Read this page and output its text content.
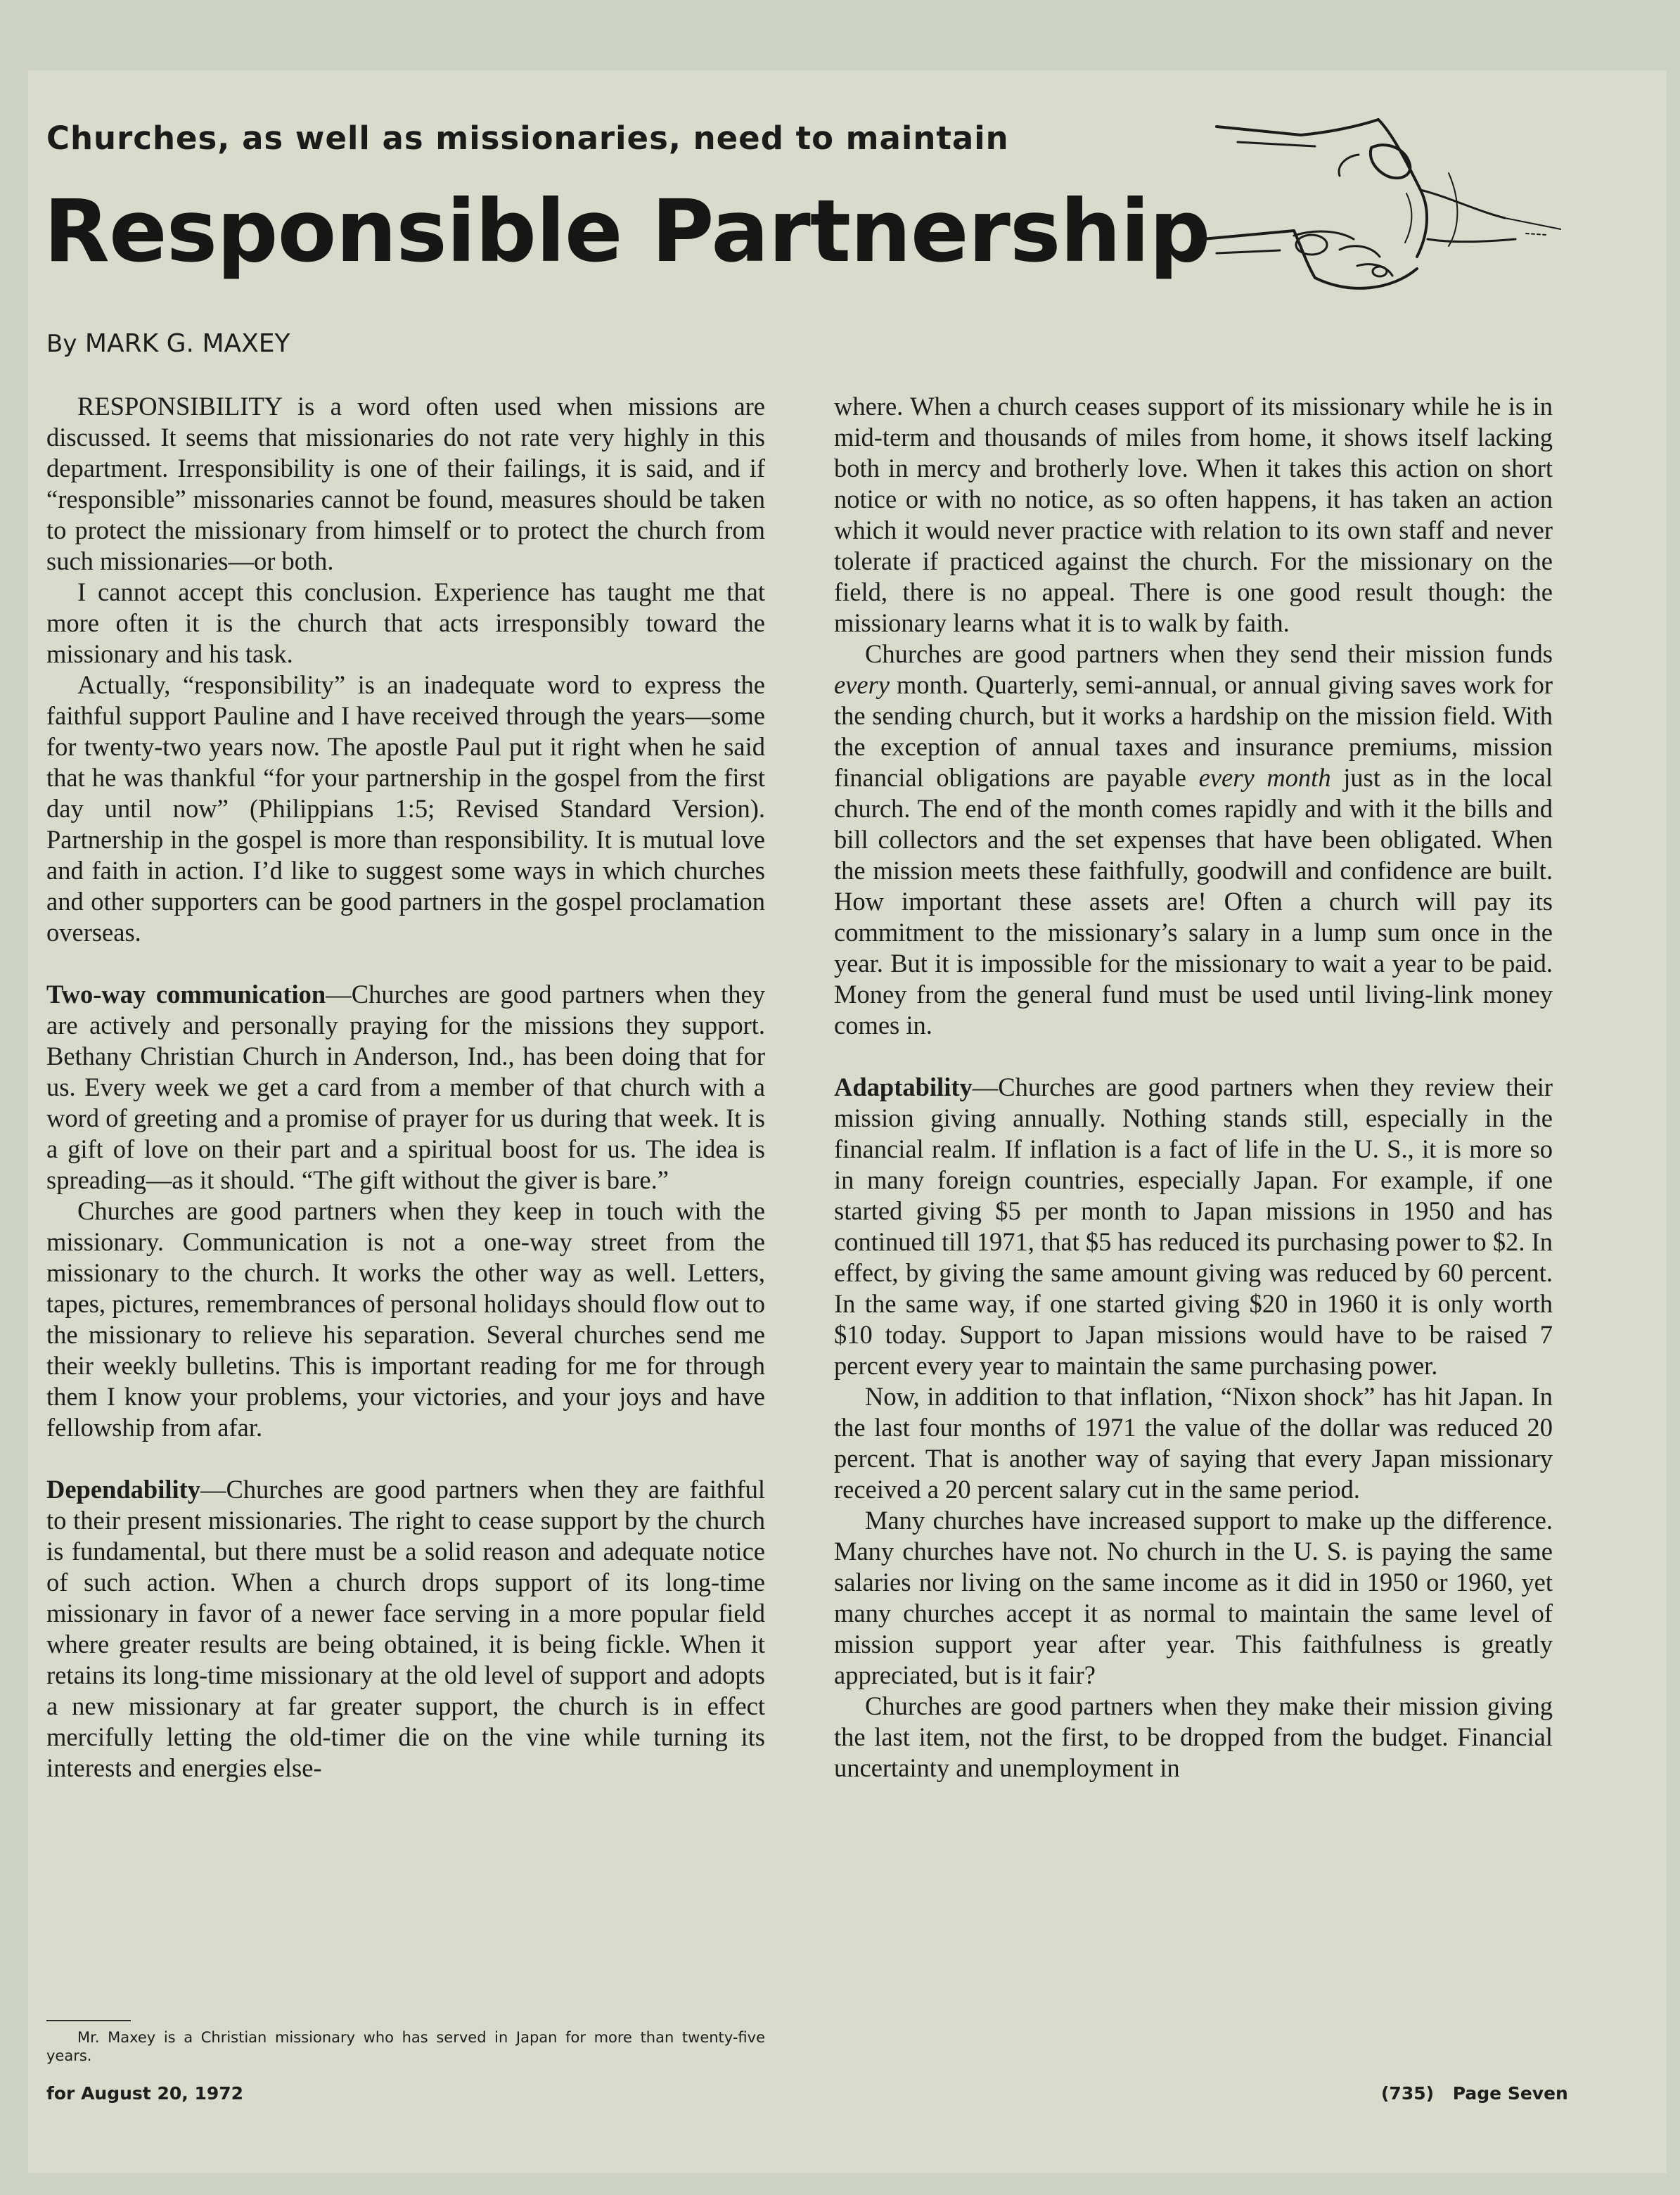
Churches, as well as missionaries, need to maintain
Responsible Partnership
By MARK G. MAXEY

RESPONSIBILITY is a word often used when missions are discussed. It seems that missionaries do not rate very highly in this department. Irresponsibility is one of their failings, it is said, and if “responsible” missonaries cannot be found, measures should be taken to protect the missionary from himself or to protect the church from such missionaries—or both.

I cannot accept this conclusion. Experience has taught me that more often it is the church that acts irresponsibly toward the missionary and his task.

Actually, “responsibility” is an inadequate word to express the faithful support Pauline and I have received through the years—some for twenty-two years now. The apostle Paul put it right when he said that he was thankful “for your partnership in the gospel from the first day until now” (Philippians 1:5; Revised Standard Version). Partnership in the gospel is more than responsibility. It is mutual love and faith in action. I’d like to suggest some ways in which churches and other supporters can be good partners in the gospel proclamation overseas.

Two-way communication—Churches are good partners when they are actively and personally praying for the missions they support. Bethany Christian Church in Anderson, Ind., has been doing that for us. Every week we get a card from a member of that church with a word of greeting and a promise of prayer for us during that week. It is a gift of love on their part and a spiritual boost for us. The idea is spreading—as it should. “The gift without the giver is bare.”

Churches are good partners when they keep in touch with the missionary. Communication is not a one-way street from the missionary to the church. It works the other way as well. Letters, tapes, pictures, remembrances of personal holidays should flow out to the missionary to relieve his separation. Several churches send me their weekly bulletins. This is important reading for me for through them I know your problems, your victories, and your joys and have fellowship from afar.

Dependability—Churches are good partners when they are faithful to their present missionaries. The right to cease support by the church is fundamental, but there must be a solid reason and adequate notice of such action. When a church drops support of its long-time missionary in favor of a newer face serving in a more popular field where greater results are being obtained, it is being fickle. When it retains its long-time missionary at the old level of support and adopts a new missionary at far greater support, the church is in effect mercifully letting the old-timer die on the vine while turning its interests and energies else-

where. When a church ceases support of its missionary while he is in mid-term and thousands of miles from home, it shows itself lacking both in mercy and brotherly love. When it takes this action on short notice or with no notice, as so often happens, it has taken an action which it would never practice with relation to its own staff and never tolerate if practiced against the church. For the missionary on the field, there is no appeal. There is one good result though: the missionary learns what it is to walk by faith.

Churches are good partners when they send their mission funds every month. Quarterly, semi-annual, or annual giving saves work for the sending church, but it works a hardship on the mission field. With the exception of annual taxes and insurance premiums, mission financial obligations are payable every month just as in the local church. The end of the month comes rapidly and with it the bills and bill collectors and the set expenses that have been obligated. When the mission meets these faithfully, goodwill and confidence are built. How important these assets are! Often a church will pay its commitment to the missionary’s salary in a lump sum once in the year. But it is impossible for the missionary to wait a year to be paid. Money from the general fund must be used until living-link money comes in.

Adaptability—Churches are good partners when they review their mission giving annually. Nothing stands still, especially in the financial realm. If inflation is a fact of life in the U. S., it is more so in many foreign countries, especially Japan. For example, if one started giving $5 per month to Japan missions in 1950 and has continued till 1971, that $5 has reduced its purchasing power to $2. In effect, by giving the same amount giving was reduced by 60 percent. In the same way, if one started giving $20 in 1960 it is only worth $10 today. Support to Japan missions would have to be raised 7 percent every year to maintain the same purchasing power.

Now, in addition to that inflation, “Nixon shock” has hit Japan. In the last four months of 1971 the value of the dollar was reduced 20 percent. That is another way of saying that every Japan missionary received a 20 percent salary cut in the same period.

Many churches have increased support to make up the difference. Many churches have not. No church in the U. S. is paying the same salaries nor living on the same income as it did in 1950 or 1960, yet many churches accept it as normal to maintain the same level of mission support year after year. This faithfulness is greatly appreciated, but is it fair?

Churches are good partners when they make their mission giving the last item, not the first, to be dropped from the budget. Financial uncertainty and unemployment in

Mr. Maxey is a Christian missionary who has served in Japan for more than twenty-five years.
for August 20, 1972	(735) Page Seven
